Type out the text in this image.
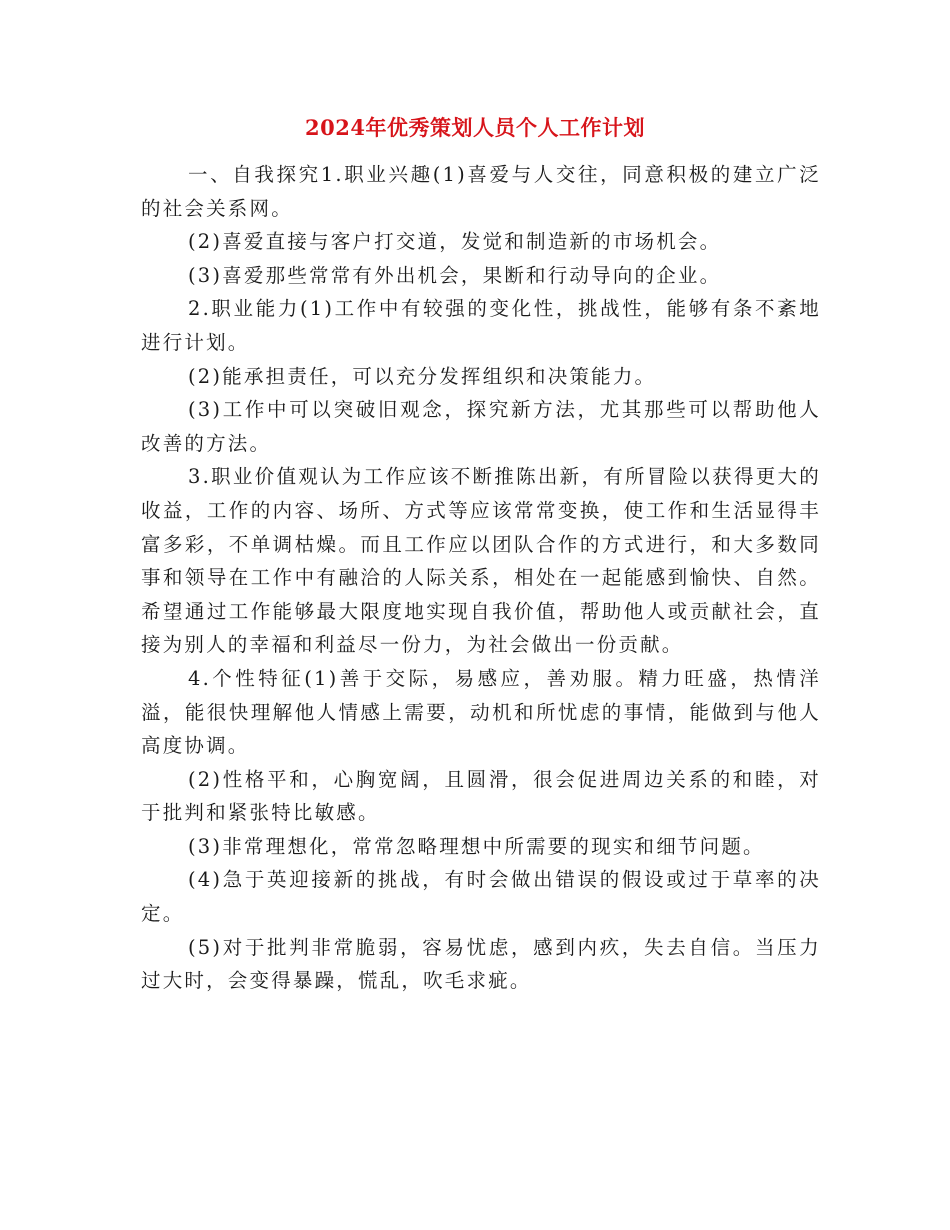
2024年优秀策划人员个人工作计划

一、自我探究1.职业兴趣(1)喜爱与人交往，同意积极的建立广泛的社会关系网。

(2)喜爱直接与客户打交道，发觉和制造新的市场机会。

(3)喜爱那些常常有外出机会，果断和行动导向的企业。

2.职业能力(1)工作中有较强的变化性，挑战性，能够有条不紊地进行计划。

(2)能承担责任，可以充分发挥组织和决策能力。

(3)工作中可以突破旧观念，探究新方法，尤其那些可以帮助他人改善的方法。

3.职业价值观认为工作应该不断推陈出新，有所冒险以获得更大的收益，工作的内容、场所、方式等应该常常变换，使工作和生活显得丰富多彩，不单调枯燥。而且工作应以团队合作的方式进行，和大多数同事和领导在工作中有融洽的人际关系，相处在一起能感到愉快、自然。希望通过工作能够最大限度地实现自我价值，帮助他人或贡献社会，直接为别人的幸福和利益尽一份力，为社会做出一份贡献。

4.个性特征(1)善于交际，易感应，善劝服。精力旺盛，热情洋溢，能很快理解他人情感上需要，动机和所忧虑的事情，能做到与他人高度协调。

(2)性格平和，心胸宽阔，且圆滑，很会促进周边关系的和睦，对于批判和紧张特比敏感。

(3)非常理想化，常常忽略理想中所需要的现实和细节问题。

(4)急于英迎接新的挑战，有时会做出错误的假设或过于草率的决定。

(5)对于批判非常脆弱，容易忧虑，感到内疚，失去自信。当压力过大时，会变得暴躁，慌乱，吹毛求疵。
